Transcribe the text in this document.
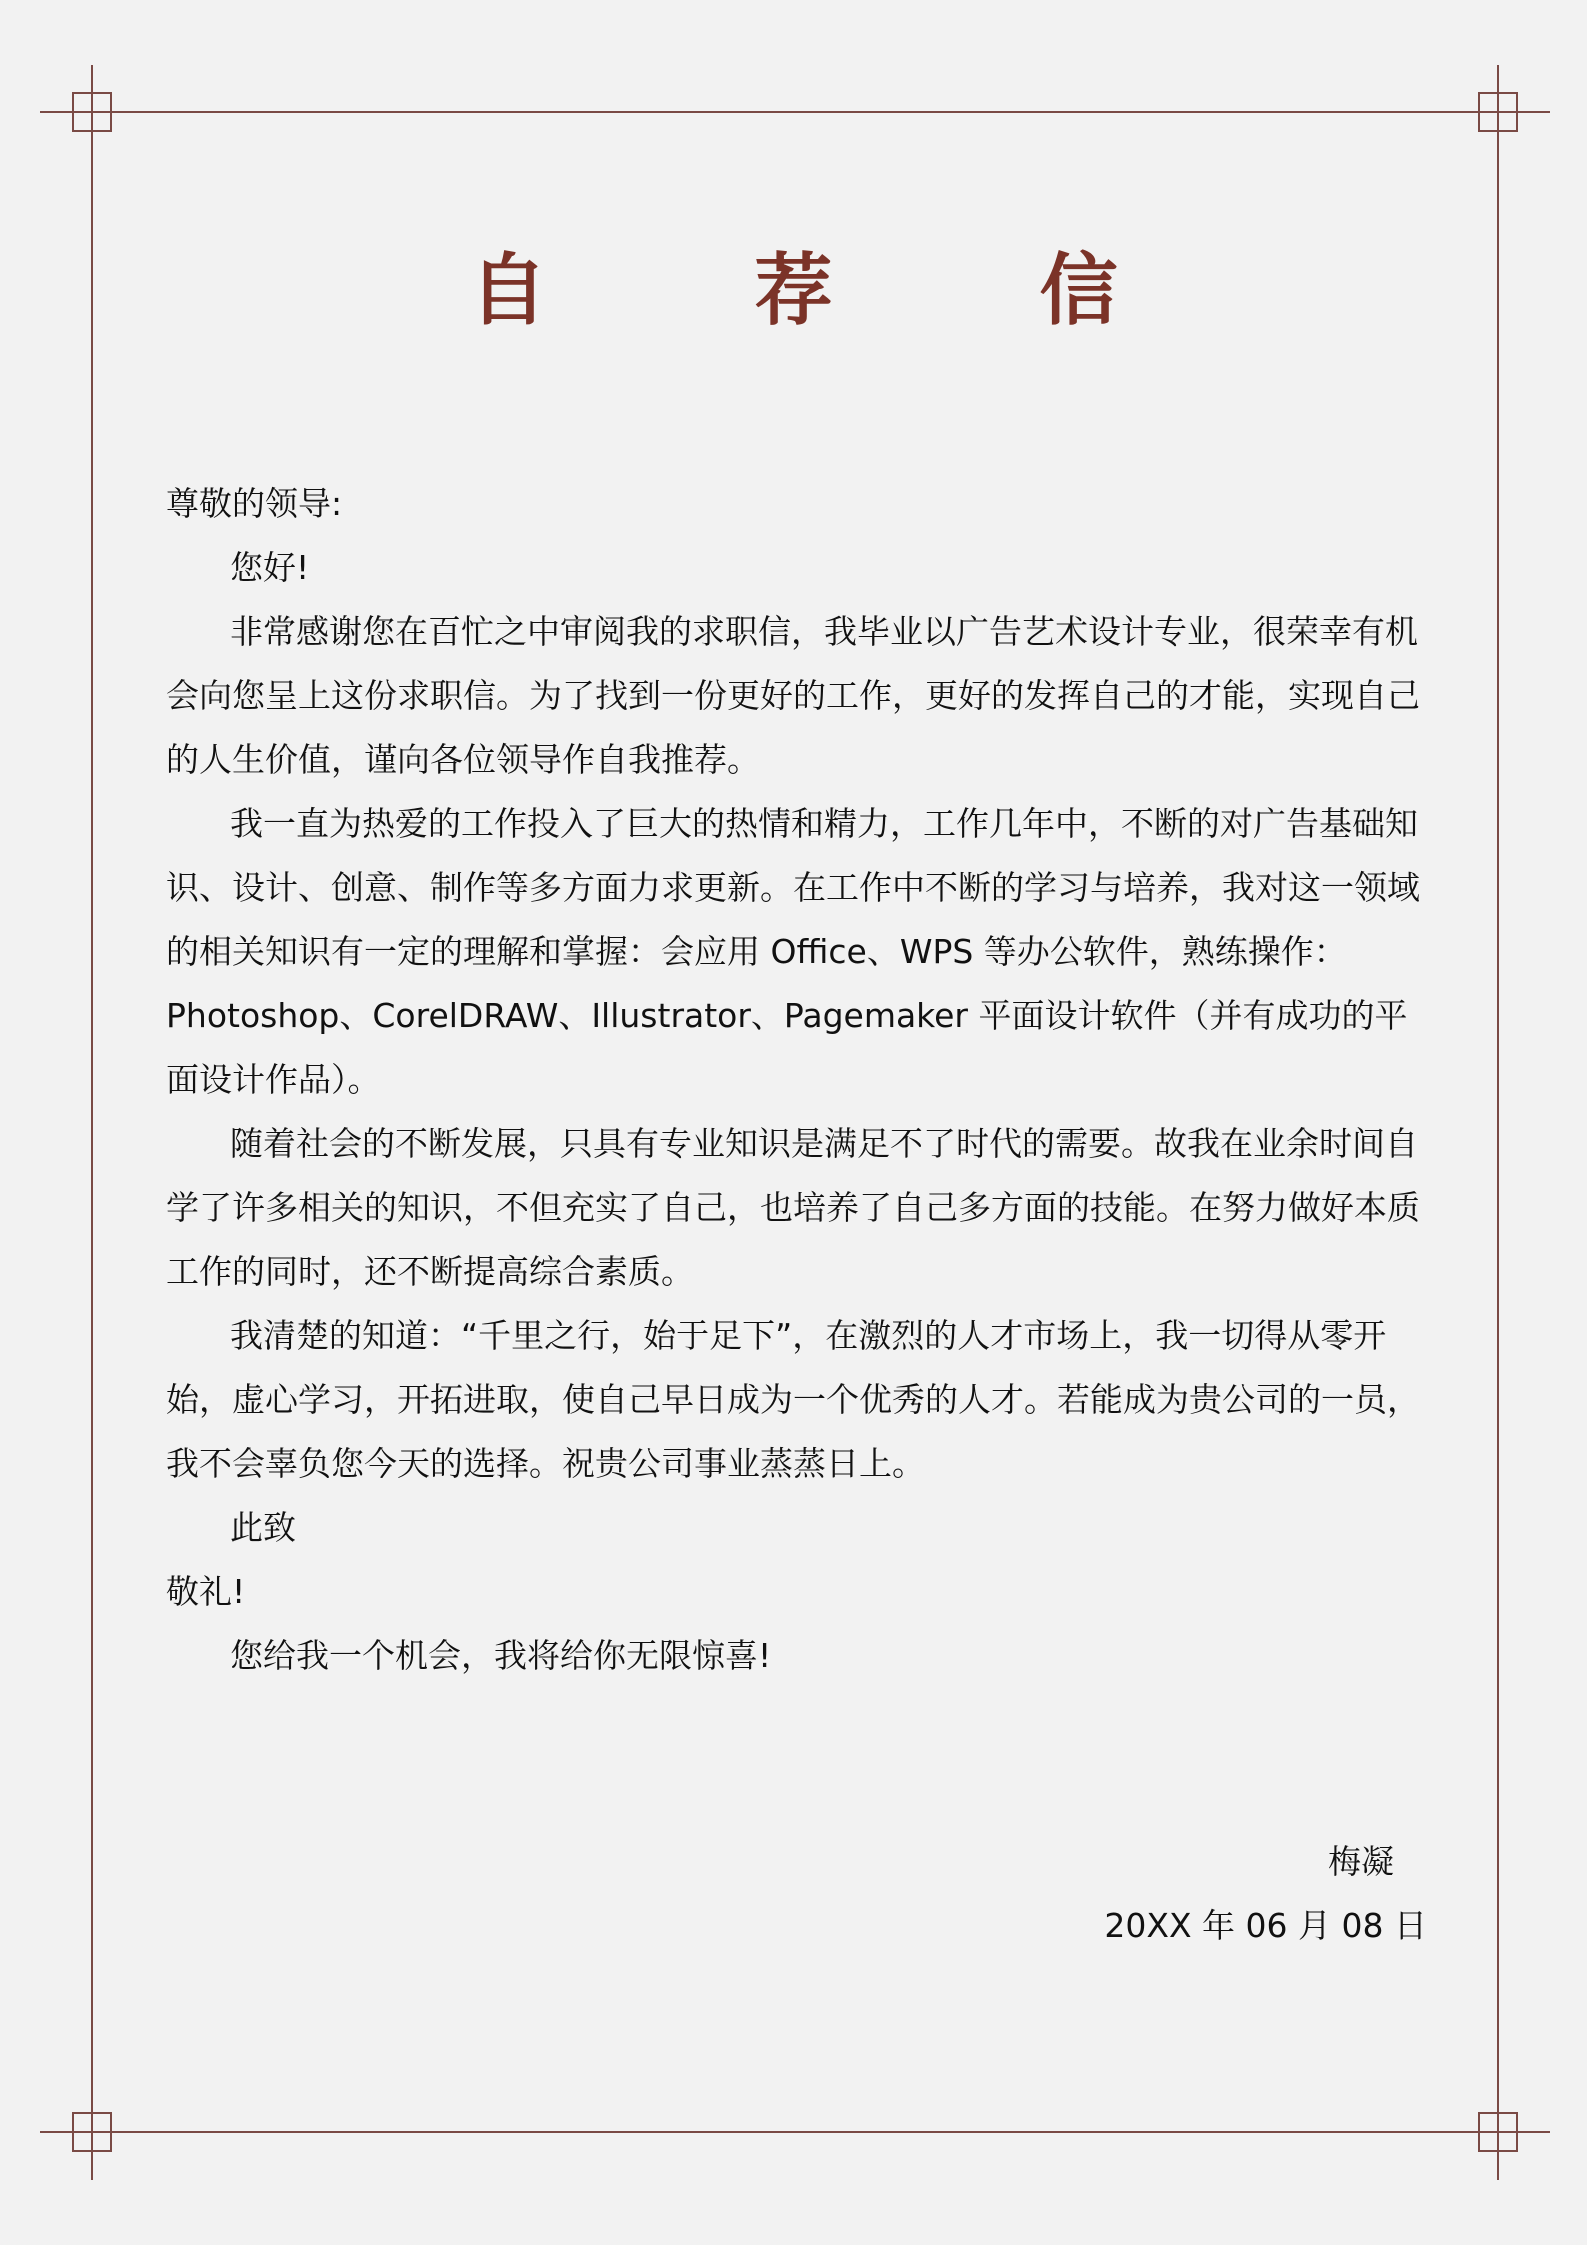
自 荐 信

尊敬的领导:

您好!

非常感谢您在百忙之中审阅我的求职信，我毕业以广告艺术设计专业，很荣幸有机会向您呈上这份求职信。为了找到一份更好的工作，更好的发挥自己的才能，实现自己的人生价值，谨向各位领导作自我推荐。

我一直为热爱的工作投入了巨大的热情和精力，工作几年中，不断的对广告基础知识、设计、创意、制作等多方面力求更新。在工作中不断的学习与培养，我对这一领域的相关知识有一定的理解和掌握：会应用 Office、WPS 等办公软件，熟练操作：Photoshop、CorelDRAW、Illustrator、Pagemaker 平面设计软件（并有成功的平面设计作品）。

随着社会的不断发展，只具有专业知识是满足不了时代的需要。故我在业余时间自学了许多相关的知识，不但充实了自己，也培养了自己多方面的技能。在努力做好本质工作的同时，还不断提高综合素质。

我清楚的知道：“千里之行，始于足下”，在激烈的人才市场上，我一切得从零开始，虚心学习，开拓进取，使自己早日成为一个优秀的人才。若能成为贵公司的一员，我不会辜负您今天的选择。祝贵公司事业蒸蒸日上。

此致

敬礼!

您给我一个机会，我将给你无限惊喜!

梅凝
20XX 年 06 月 08 日
